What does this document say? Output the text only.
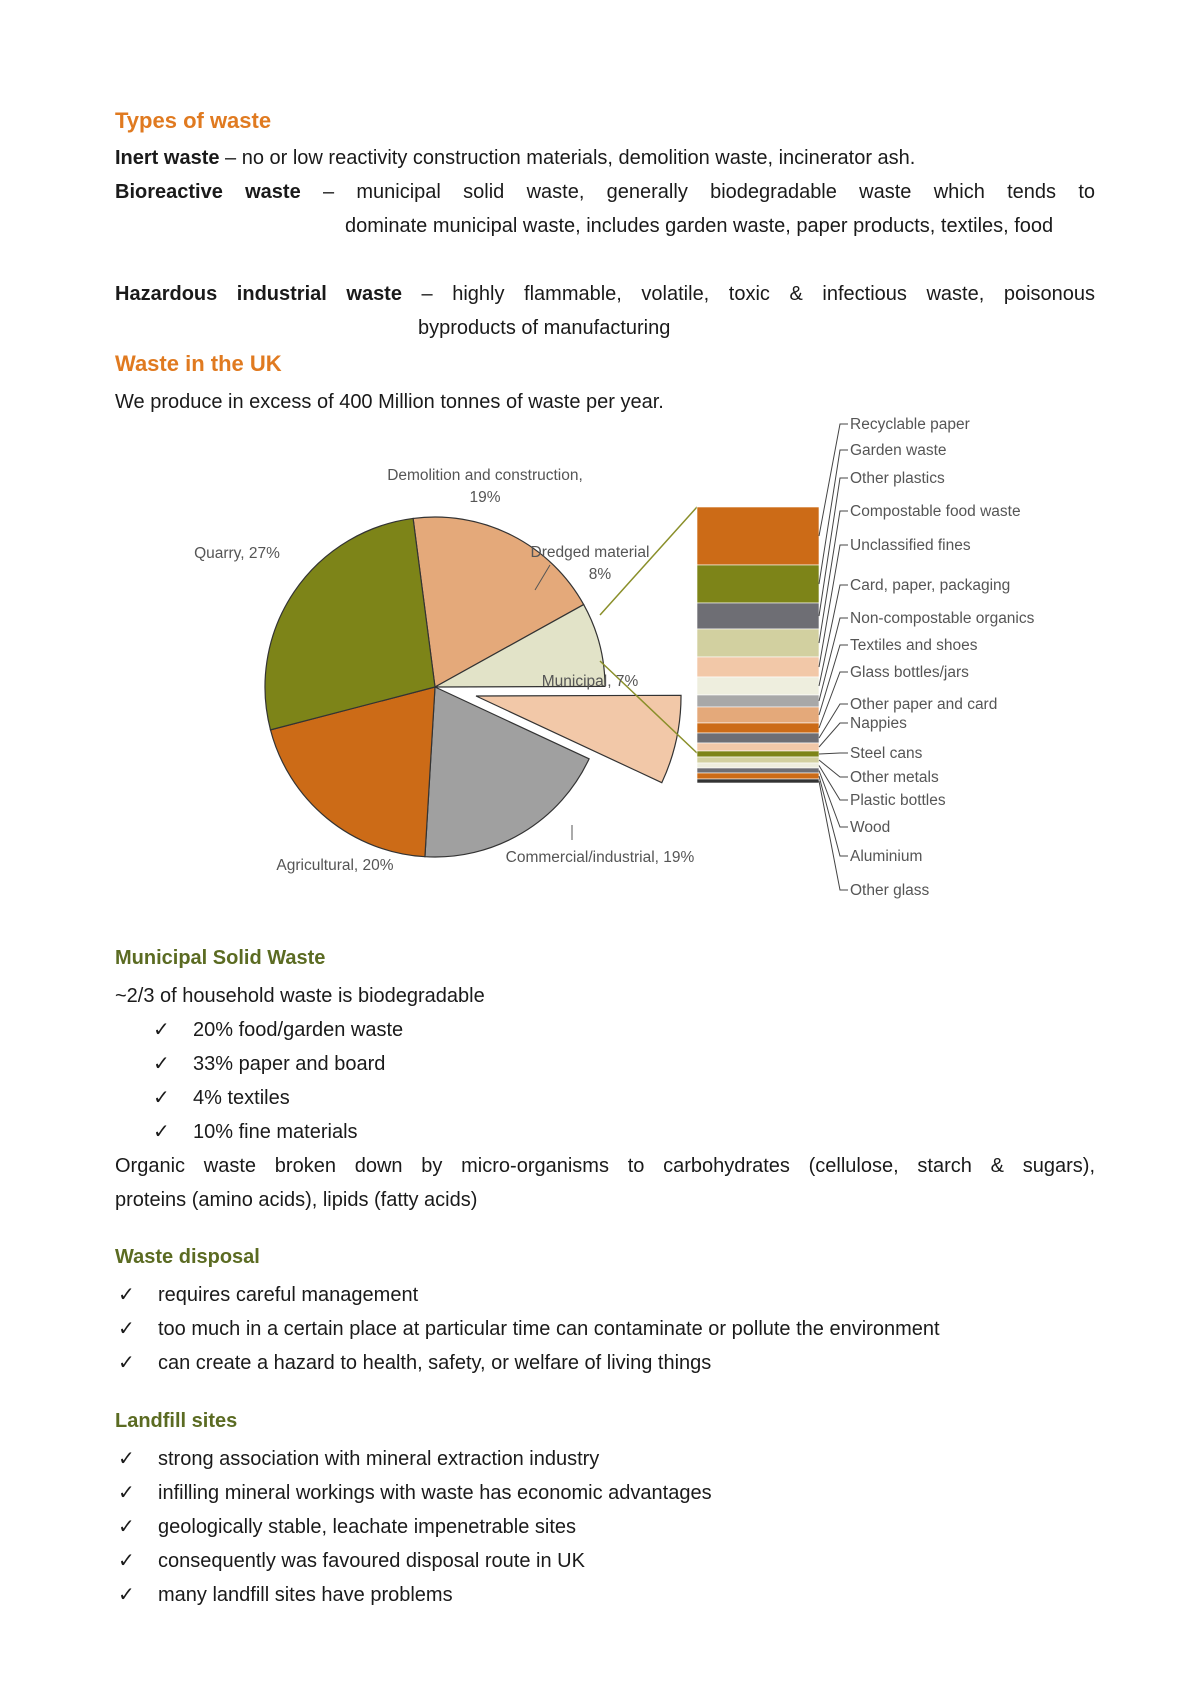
Types of waste

Inert waste – no or low reactivity construction materials, demolition waste, incinerator ash.

Bioreactive waste – municipal solid waste, generally biodegradable waste which tends to

dominate municipal waste, includes garden waste, paper products, textiles, food

Hazardous industrial waste – highly flammable, volatile, toxic & infectious waste, poisonous

byproducts of manufacturing

Waste in the UK

We produce in excess of 400 Million tonnes of waste per year.

Demolition and construction,
19%
Dredged material
8%
Municipal, 7%
Commercial/industrial, 19%
Agricultural, 20%
Quarry, 27%
Recyclable paper
Garden waste
Other plastics
Compostable food waste
Unclassified fines
Card, paper, packaging
Non-compostable organics
Textiles and shoes
Glass bottles/jars
Other paper and card
Nappies
Steel cans
Other metals
Plastic bottles
Wood
Aluminium
Other glass
Municipal Solid Waste

~2/3 of household waste is biodegradable

✓	20% food/garden waste
✓	33% paper and board
✓	4% textiles
✓	10% fine materials

Organic waste broken down by micro-organisms to carbohydrates (cellulose, starch & sugars),

proteins (amino acids), lipids (fatty acids)

Waste disposal
✓	requires careful management
✓	too much in a certain place at particular time can contaminate or pollute the environment
✓	can create a hazard to health, safety, or welfare of living things
Landfill sites
✓	strong association with mineral extraction industry
✓	infilling mineral workings with waste has economic advantages
✓	geologically stable, leachate impenetrable sites
✓	consequently was favoured disposal route in UK
✓	many landfill sites have problems
